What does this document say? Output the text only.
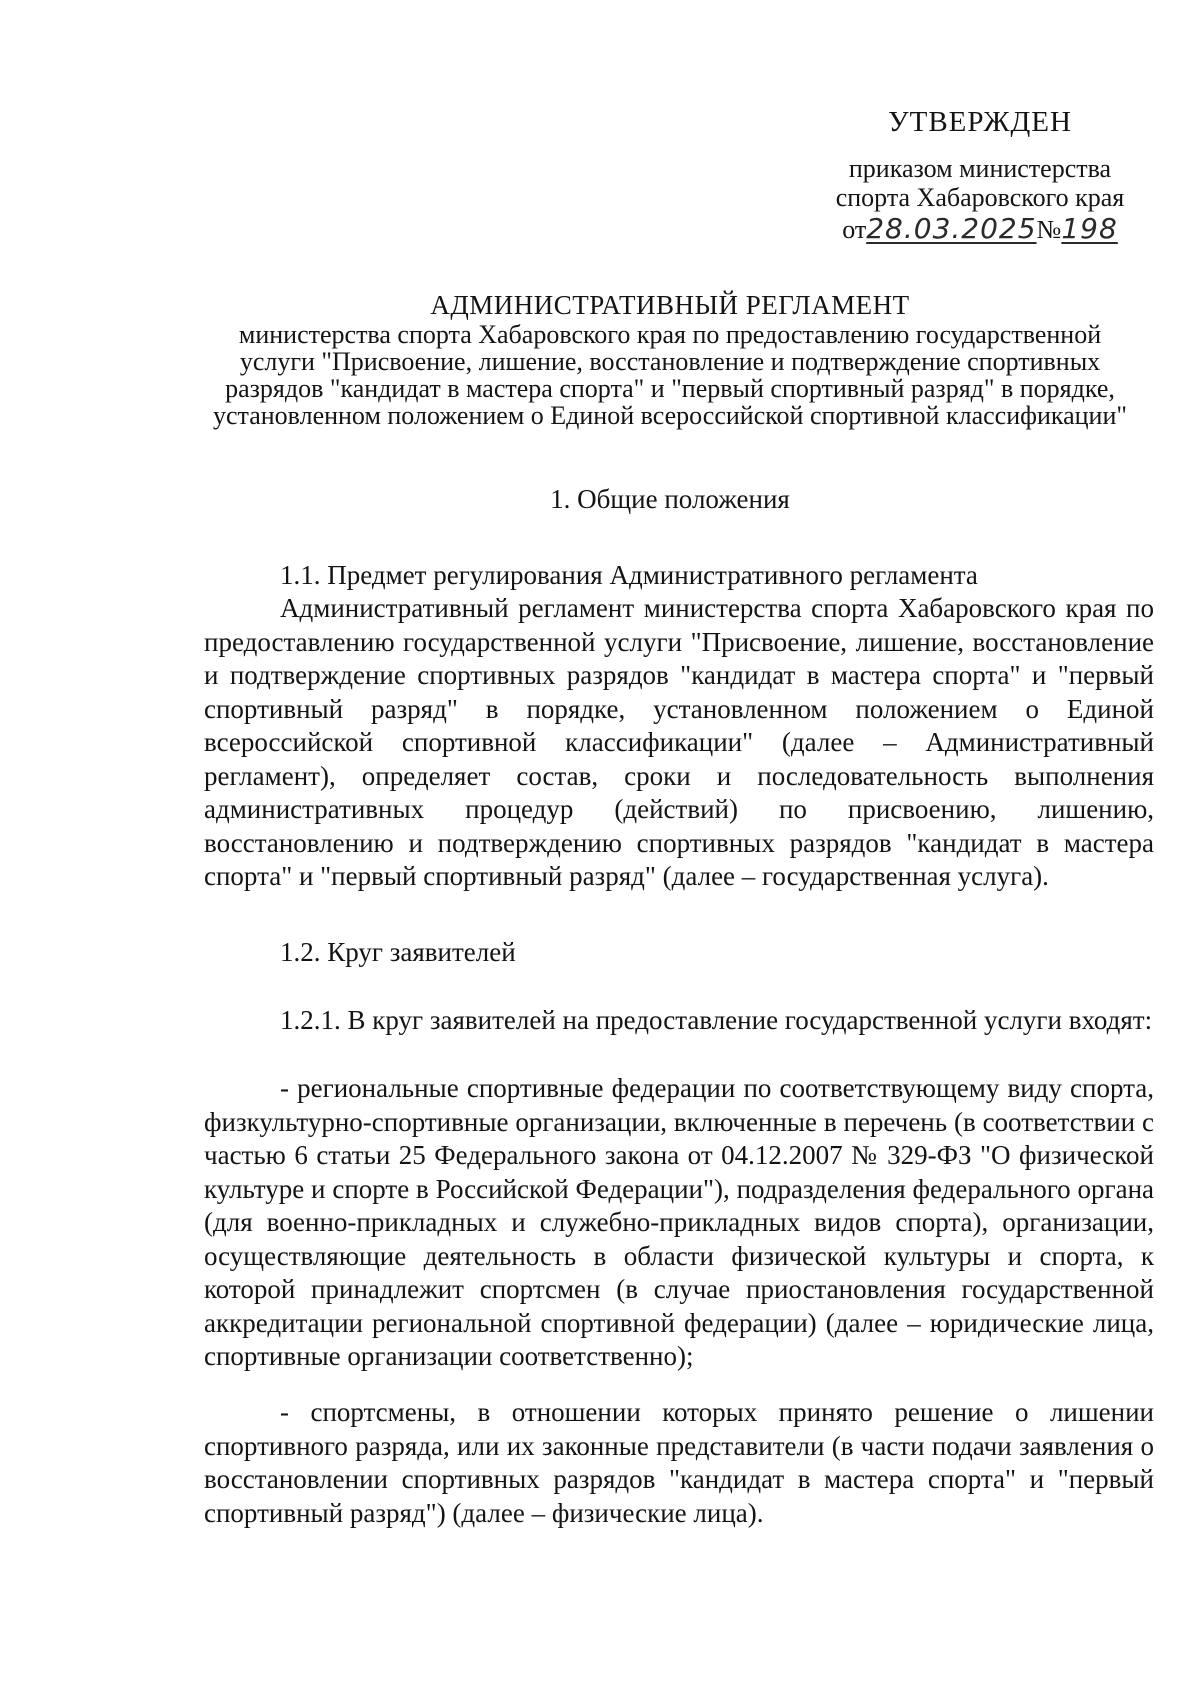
УТВЕРЖДЕН
приказом министерства
спорта Хабаровского края
от28.03.2025№198
АДМИНИСТРАТИВНЫЙ РЕГЛАМЕНТ
министерства спорта Хабаровского края по предоставлению государственной услуги "Присвоение, лишение, восстановление и подтверждение спортивных разрядов "кандидат в мастера спорта" и "первый спортивный разряд" в порядке, установленном положением о Единой всероссийской спортивной классификации"
1. Общие положения
1.1. Предмет регулирования Административного регламента
Административный регламент министерства спорта Хабаровского края по предоставлению государственной услуги "Присвоение, лишение, восстановление и подтверждение спортивных разрядов "кандидат в мастера спорта" и "первый спортивный разряд" в порядке, установленном положением о Единой всероссийской спортивной классификации" (далее – Административный регламент), определяет состав, сроки и последовательность выполнения административных процедур (действий) по присвоению, лишению, восстановлению и подтверждению спортивных разрядов "кандидат в мастера спорта" и "первый спортивный разряд" (далее – государственная услуга).
1.2. Круг заявителей
1.2.1. В круг заявителей на предоставление государственной услуги входят:
- региональные спортивные федерации по соответствующему виду спорта, физкультурно-спортивные организации, включенные в перечень (в соответствии с частью 6 статьи 25 Федерального закона от 04.12.2007 № 329-ФЗ "О физической культуре и спорте в Российской Федерации"), подразделения федерального органа (для военно-прикладных и служебно-прикладных видов спорта), организации, осуществляющие деятельность в области физической культуры и спорта, к которой принадлежит спортсмен (в случае приостановления государственной аккредитации региональной спортивной федерации) (далее – юридические лица, спортивные организации соответственно);
- спортсмены, в отношении которых принято решение о лишении спортивного разряда, или их законные представители (в части подачи заявления о восстановлении спортивных разрядов "кандидат в мастера спорта" и "первый спортивный разряд") (далее – физические лица).
